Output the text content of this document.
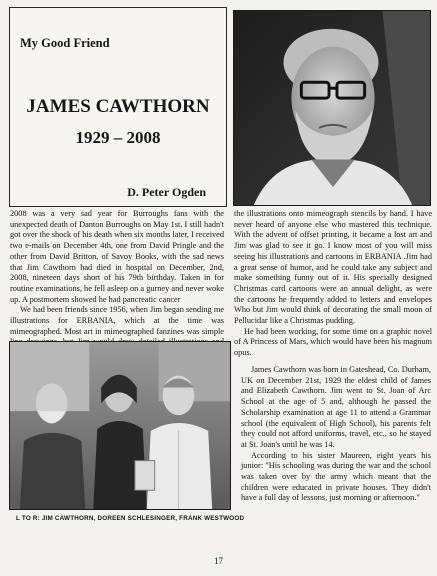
My Good Friend
JAMES CAWTHORN
1929 – 2008
D. Peter Ogden

2008 was a very sad year for Burroughs fans with the unexpected death of Danton Burroughs on May 1st. I still hadn't got over the shock of his death when six months later, I received two e-mails on December 4th, one from David Pringle and the other from David Britton, of Savoy Books, with the sad news that Jim Cawthorn had died in hospital on December, 2nd, 2008, nineteen days short of his 79th birthday. Taken in for routine examinations, he fell asleep on a gurney and never woke up. A postmortem showed he had pancreatic cancer

We had been friends since 1956, when Jim began sending me illustrations for ERBANIA, which at the time was mimeographed. Most art in mimeographed fanzines was simple

the illustrations onto mimeograph stencils by hand. I have never heard of anyone else who mastered this technique. With the advent of offset printing, it became a lost art and Jim was glad to see it go. I know most of you will miss seeing his illustrations and cartoons in ERBANIA .Jim had a great sense of humor, and he could take any subject and make something funny out of it. His specially designed Christmas card cartoons were an annual delight, as were the cartoons he frequently added to letters and envelopes Who but Jim would think of decorating the small moon of Pellucidar like a Christmas pudding.

He had been working, for some time on a graphic novel of A Princess of Mars, which would have been his magnum opus.

James Cawthorn was born in Gateshead, Co. Durham, UK on December 21st, 1929 the eldest child of James and Elizabeth Cawthorn. Jim went to St. Joan of Arc School at the age of 5 and, although he passed the Scholarship examination at age 11 to attend a Grammar school (the equivalent of High School), his parents felt they could not afford uniforms, travel, etc., so he stayed at St. Joan's until he was 14.

According to his sister Maureen, eight years his junior: "His schooling was during the war and the school was taken over by the army which meant that the children were educated in private houses. They didn't have a full day of lessons, just morning or afternoon."

L TO R: JIM CAWTHORN, DOREEN SCHLESINGER, FRANK WESTWOOD
17
